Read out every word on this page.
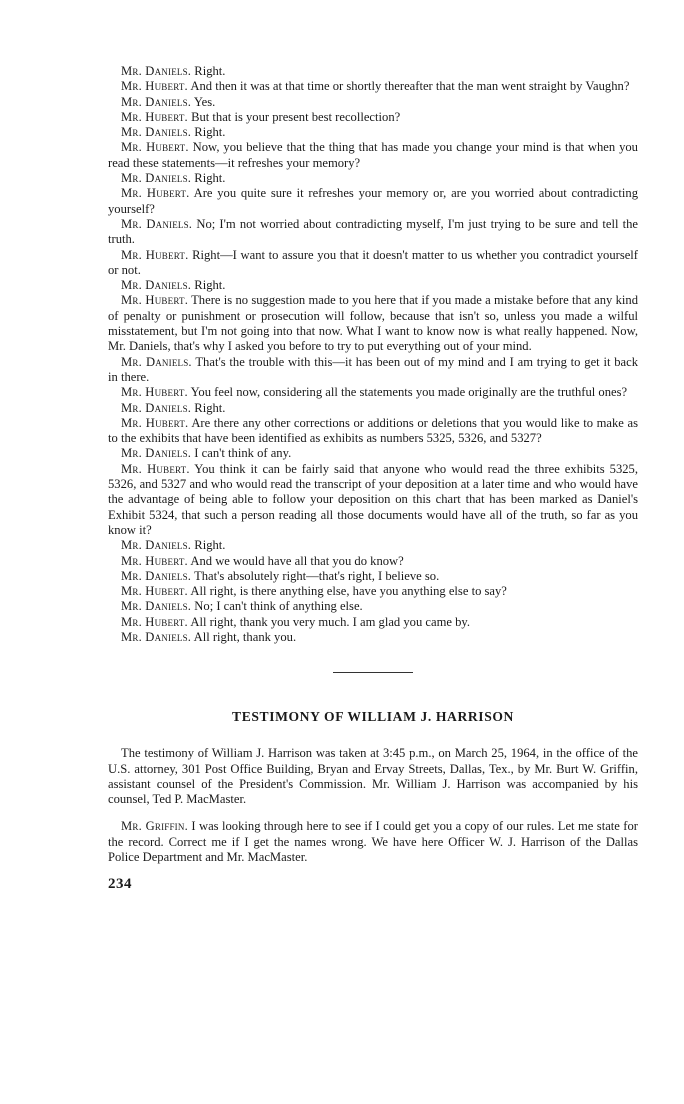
Mr. Daniels. Right.

Mr. Hubert. And then it was at that time or shortly thereafter that the man went straight by Vaughn?

Mr. Daniels. Yes.

Mr. Hubert. But that is your present best recollection?

Mr. Daniels. Right.

Mr. Hubert. Now, you believe that the thing that has made you change your mind is that when you read these statements—it refreshes your memory?

Mr. Daniels. Right.

Mr. Hubert. Are you quite sure it refreshes your memory or, are you worried about contradicting yourself?

Mr. Daniels. No; I'm not worried about contradicting myself, I'm just trying to be sure and tell the truth.

Mr. Hubert. Right—I want to assure you that it doesn't matter to us whether you contradict yourself or not.

Mr. Daniels. Right.

Mr. Hubert. There is no suggestion made to you here that if you made a mistake before that any kind of penalty or punishment or prosecution will follow, because that isn't so, unless you made a wilful misstatement, but I'm not going into that now. What I want to know now is what really happened. Now, Mr. Daniels, that's why I asked you before to try to put everything out of your mind.

Mr. Daniels. That's the trouble with this—it has been out of my mind and I am trying to get it back in there.

Mr. Hubert. You feel now, considering all the statements you made originally are the truthful ones?

Mr. Daniels. Right.

Mr. Hubert. Are there any other corrections or additions or deletions that you would like to make as to the exhibits that have been identified as exhibits as numbers 5325, 5326, and 5327?

Mr. Daniels. I can't think of any.

Mr. Hubert. You think it can be fairly said that anyone who would read the three exhibits 5325, 5326, and 5327 and who would read the transcript of your deposition at a later time and who would have the advantage of being able to follow your deposition on this chart that has been marked as Daniel's Exhibit 5324, that such a person reading all those documents would have all of the truth, so far as you know it?

Mr. Daniels. Right.

Mr. Hubert. And we would have all that you do know?

Mr. Daniels. That's absolutely right—that's right, I believe so.

Mr. Hubert. All right, is there anything else, have you anything else to say?

Mr. Daniels. No; I can't think of anything else.

Mr. Hubert. All right, thank you very much. I am glad you came by.

Mr. Daniels. All right, thank you.

TESTIMONY OF WILLIAM J. HARRISON

The testimony of William J. Harrison was taken at 3:45 p.m., on March 25, 1964, in the office of the U.S. attorney, 301 Post Office Building, Bryan and Ervay Streets, Dallas, Tex., by Mr. Burt W. Griffin, assistant counsel of the President's Commission. Mr. William J. Harrison was accompanied by his counsel, Ted P. MacMaster.

Mr. Griffin. I was looking through here to see if I could get you a copy of our rules. Let me state for the record. Correct me if I get the names wrong. We have here Officer W. J. Harrison of the Dallas Police Department and Mr. MacMaster.

234
